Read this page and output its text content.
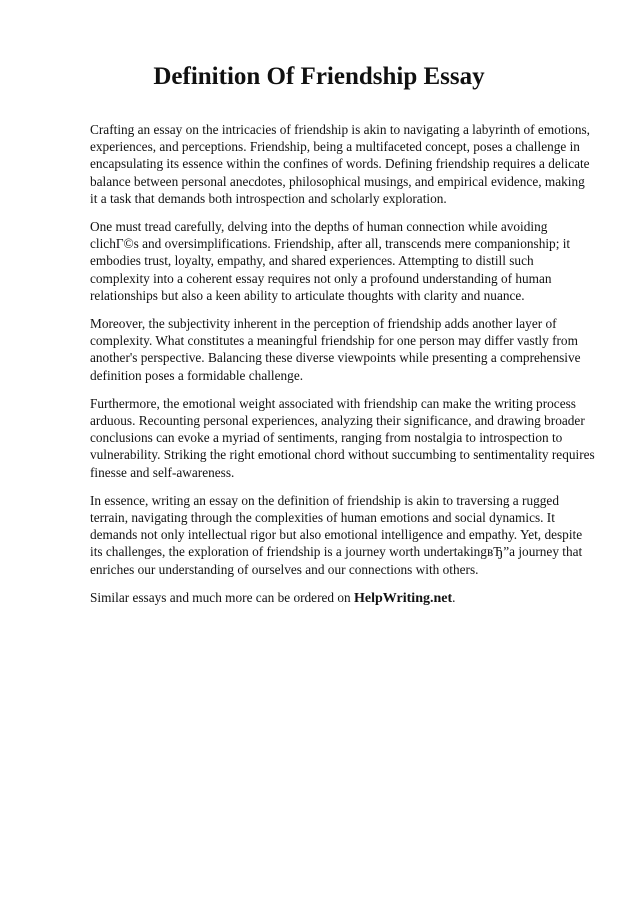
Definition Of Friendship Essay

Crafting an essay on the intricacies of friendship is akin to navigating a labyrinth of emotions, experiences, and perceptions. Friendship, being a multifaceted concept, poses a challenge in encapsulating its essence within the confines of words. Defining friendship requires a delicate balance between personal anecdotes, philosophical musings, and empirical evidence, making it a task that demands both introspection and scholarly exploration.

One must tread carefully, delving into the depths of human connection while avoiding clichГ©s and oversimplifications. Friendship, after all, transcends mere companionship; it embodies trust, loyalty, empathy, and shared experiences. Attempting to distill such complexity into a coherent essay requires not only a profound understanding of human relationships but also a keen ability to articulate thoughts with clarity and nuance.

Moreover, the subjectivity inherent in the perception of friendship adds another layer of complexity. What constitutes a meaningful friendship for one person may differ vastly from another's perspective. Balancing these diverse viewpoints while presenting a comprehensive definition poses a formidable challenge.

Furthermore, the emotional weight associated with friendship can make the writing process arduous. Recounting personal experiences, analyzing their significance, and drawing broader conclusions can evoke a myriad of sentiments, ranging from nostalgia to introspection to vulnerability. Striking the right emotional chord without succumbing to sentimentality requires finesse and self-awareness.

In essence, writing an essay on the definition of friendship is akin to traversing a rugged terrain, navigating through the complexities of human emotions and social dynamics. It demands not only intellectual rigor but also emotional intelligence and empathy. Yet, despite its challenges, the exploration of friendship is a journey worth undertakingвЂ”a journey that enriches our understanding of ourselves and our connections with others.

Similar essays and much more can be ordered on HelpWriting.net.
